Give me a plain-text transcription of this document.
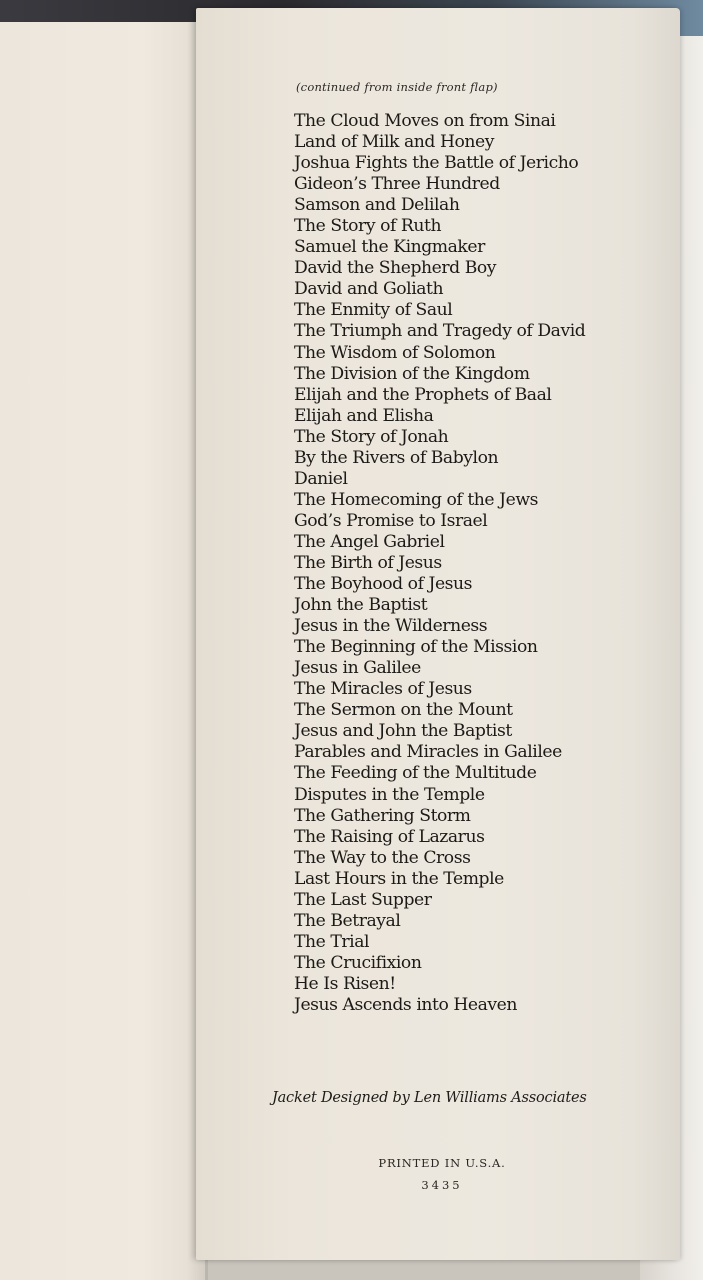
(continued from inside front flap)
The Cloud Moves on from Sinai
Land of Milk and Honey
Joshua Fights the Battle of Jericho
Gideon’s Three Hundred
Samson and Delilah
The Story of Ruth
Samuel the Kingmaker
David the Shepherd Boy
David and Goliath
The Enmity of Saul
The Triumph and Tragedy of David
The Wisdom of Solomon
The Division of the Kingdom
Elijah and the Prophets of Baal
Elijah and Elisha
The Story of Jonah
By the Rivers of Babylon
Daniel
The Homecoming of the Jews
God’s Promise to Israel
The Angel Gabriel
The Birth of Jesus
The Boyhood of Jesus
John the Baptist
Jesus in the Wilderness
The Beginning of the Mission
Jesus in Galilee
The Miracles of Jesus
The Sermon on the Mount
Jesus and John the Baptist
Parables and Miracles in Galilee
The Feeding of the Multitude
Disputes in the Temple
The Gathering Storm
The Raising of Lazarus
The Way to the Cross
Last Hours in the Temple
The Last Supper
The Betrayal
The Trial
The Crucifixion
He Is Risen!
Jesus Ascends into Heaven
Jacket Designed by Len Williams Associates
PRINTED IN U.S.A.
3435
